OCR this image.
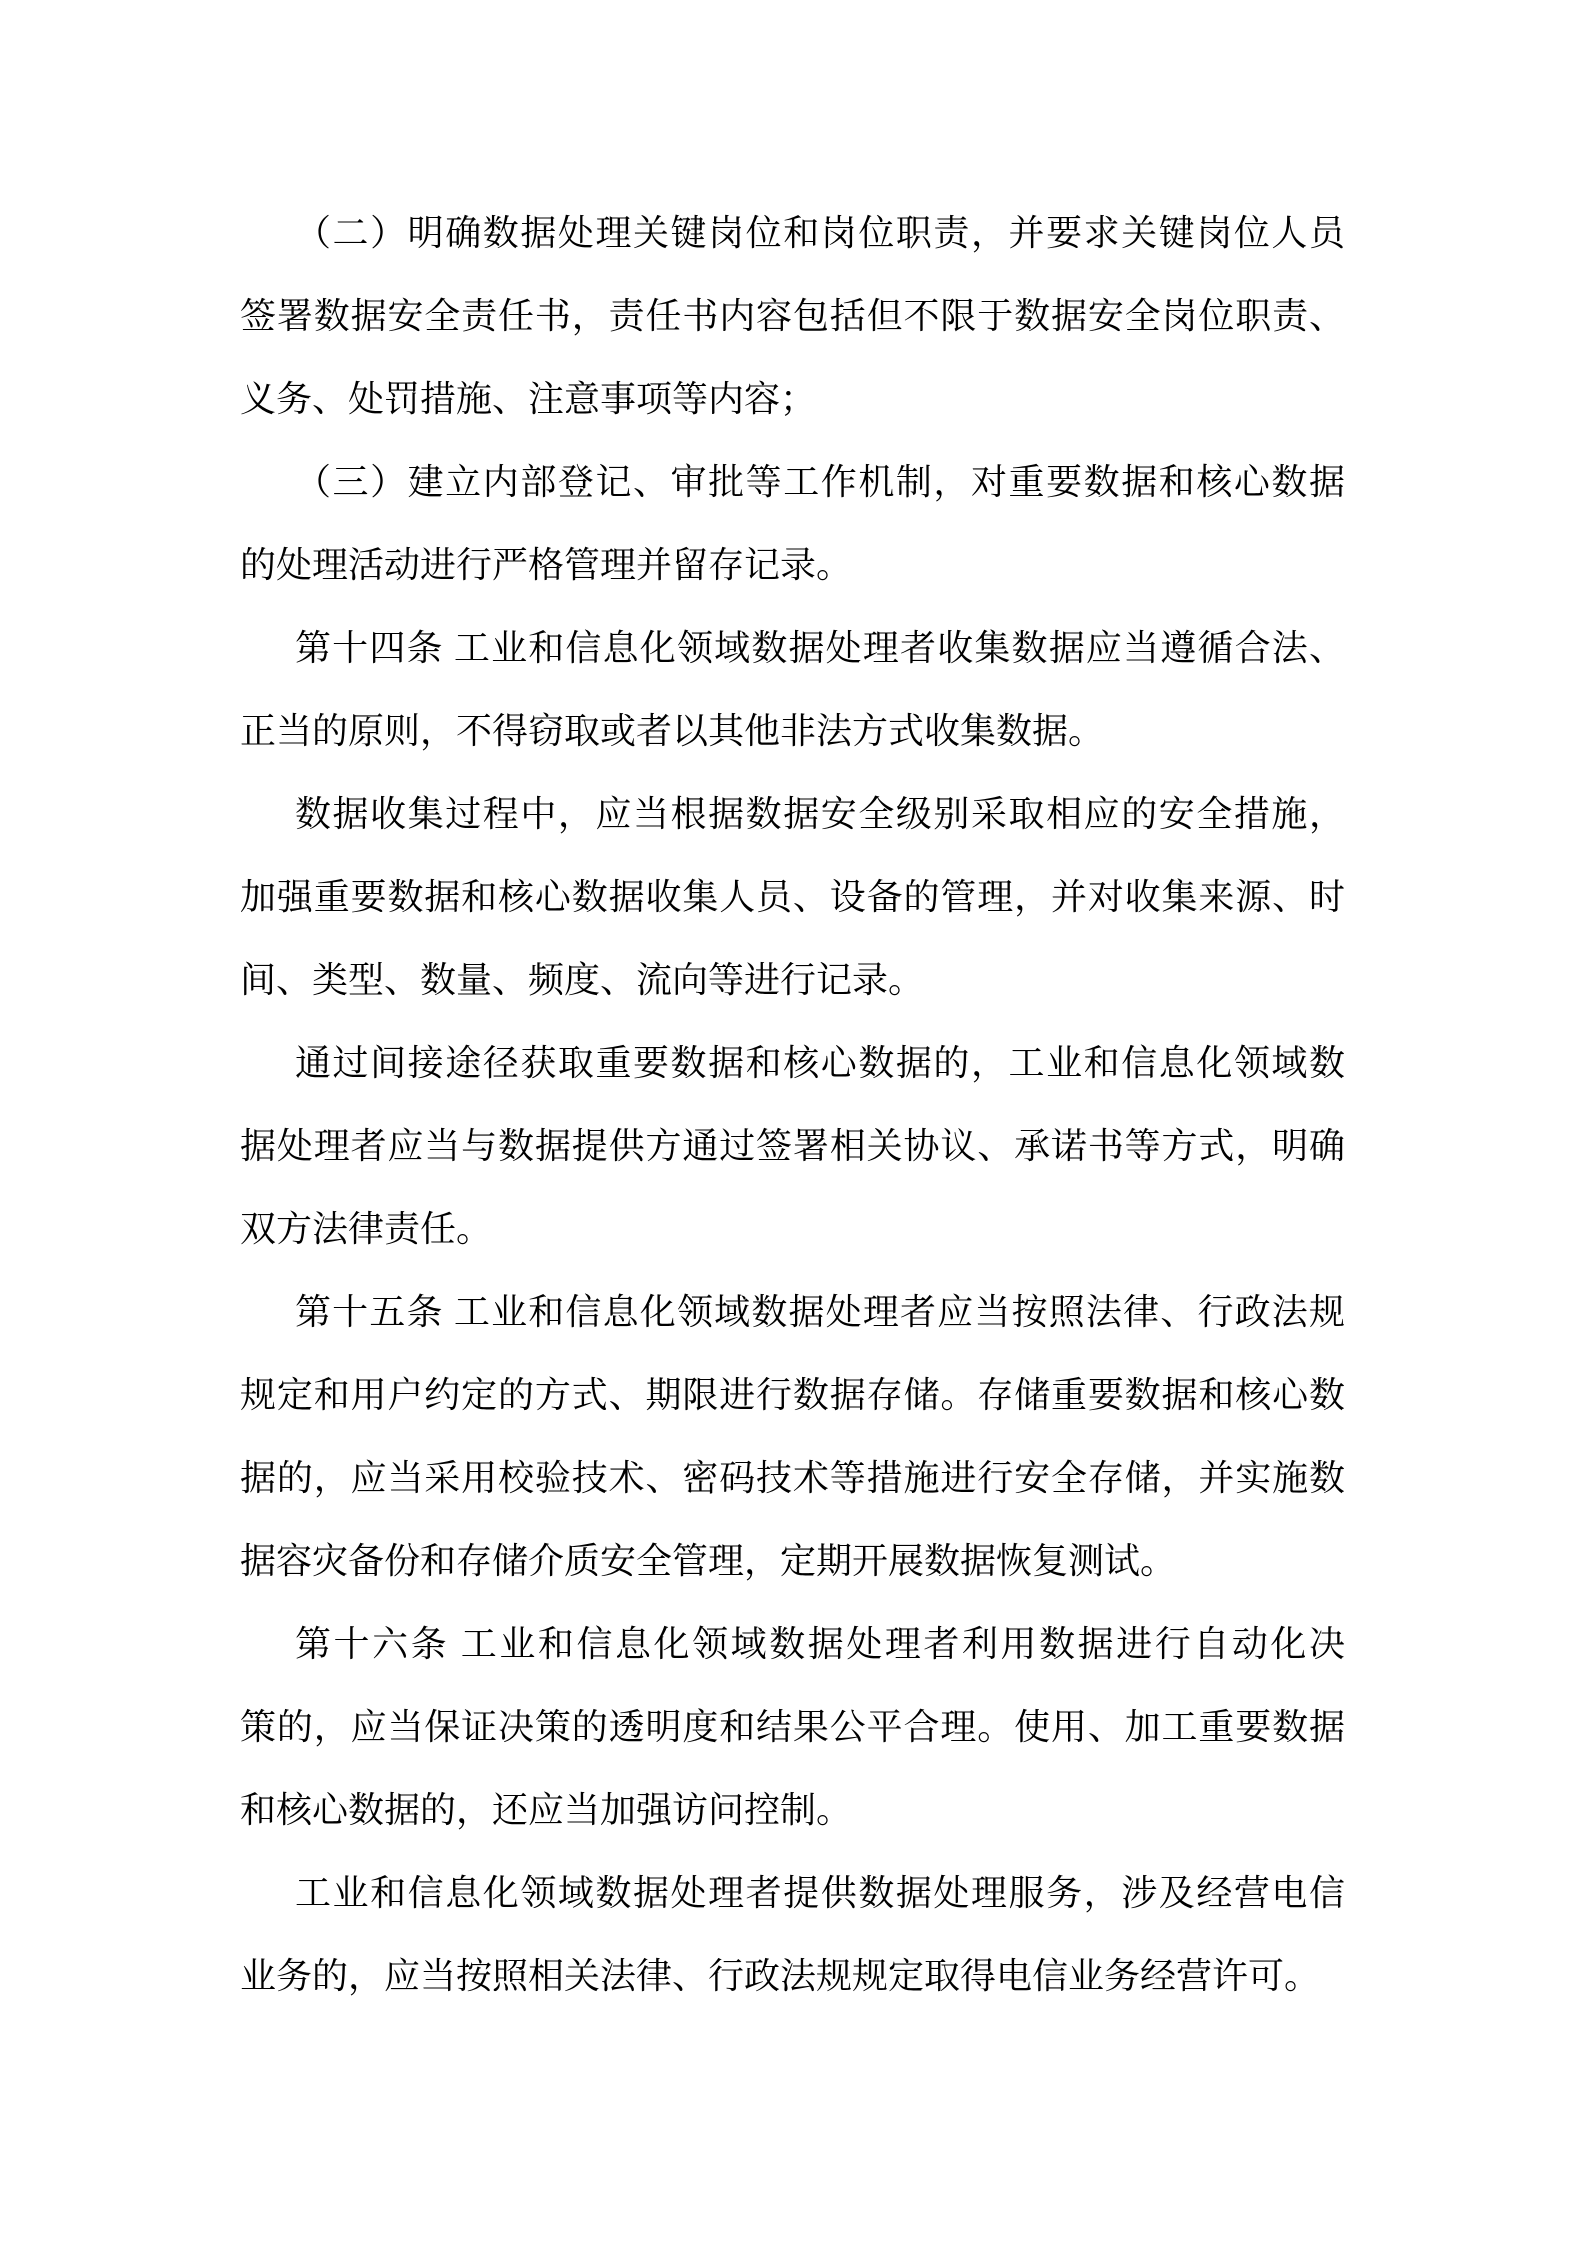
（二）明确数据处理关键岗位和岗位职责，并要求关键岗位人员
签署数据安全责任书，责任书内容包括但不限于数据安全岗位职责、
义务、处罚措施、注意事项等内容；
（三）建立内部登记、审批等工作机制，对重要数据和核心数据
的处理活动进行严格管理并留存记录。
第十四条 工业和信息化领域数据处理者收集数据应当遵循合法、
正当的原则，不得窃取或者以其他非法方式收集数据。
数据收集过程中，应当根据数据安全级别采取相应的安全措施，
加强重要数据和核心数据收集人员、设备的管理，并对收集来源、时
间、类型、数量、频度、流向等进行记录。
通过间接途径获取重要数据和核心数据的，工业和信息化领域数
据处理者应当与数据提供方通过签署相关协议、承诺书等方式，明确
双方法律责任。
第十五条 工业和信息化领域数据处理者应当按照法律、行政法规
规定和用户约定的方式、期限进行数据存储。存储重要数据和核心数
据的，应当采用校验技术、密码技术等措施进行安全存储，并实施数
据容灾备份和存储介质安全管理，定期开展数据恢复测试。
第十六条 工业和信息化领域数据处理者利用数据进行自动化决
策的，应当保证决策的透明度和结果公平合理。使用、加工重要数据
和核心数据的，还应当加强访问控制。
工业和信息化领域数据处理者提供数据处理服务，涉及经营电信
业务的，应当按照相关法律、行政法规规定取得电信业务经营许可。
